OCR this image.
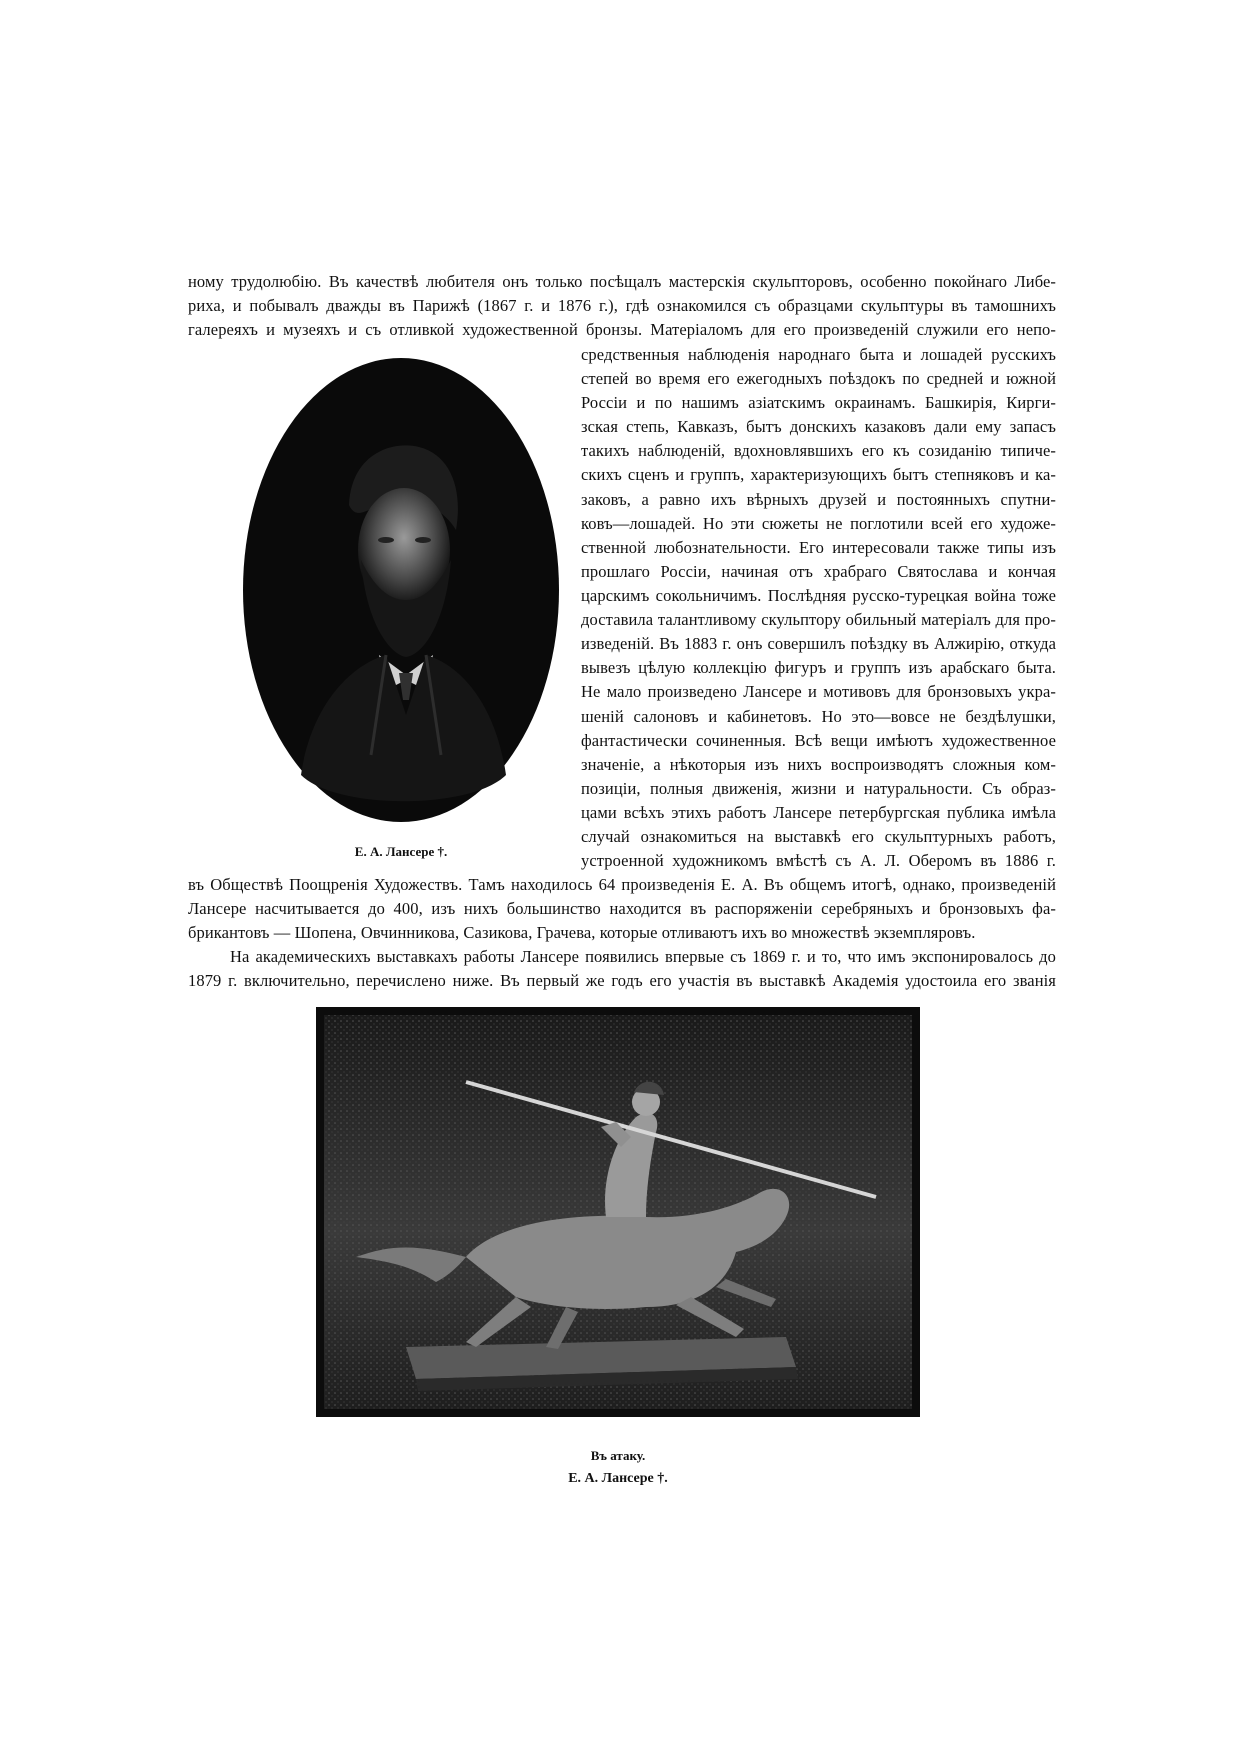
ному трудолюбію. Въ качествѣ любителя онъ только посѣщалъ мастерскія скульпторовъ, особенно покойнаго Либе-
риха, и побывалъ дважды въ Парижѣ (1867 г. и 1876 г.), гдѣ ознакомился съ образцами скульптуры въ тамошнихъ
галереяхъ и музеяхъ и съ отливкой художественной бронзы. Матеріаломъ для его произведеній служили его непо-
средственныя наблюденія народнаго быта и лошадей русскихъ
степей во время его ежегодныхъ поѣздокъ по средней и южной
Россіи и по нашимъ азіатскимъ окраинамъ. Башкирія, Кирги-
зская степь, Кавказъ, бытъ донскихъ казаковъ дали ему запасъ
такихъ наблюденій, вдохновлявшихъ его къ созиданію типиче-
скихъ сценъ и группъ, характеризующихъ бытъ степняковъ и ка-
заковъ, а равно ихъ вѣрныхъ друзей и постоянныхъ спутни-
ковъ—лошадей. Но эти сюжеты не поглотили всей его художе-
ственной любознательности. Его интересовали также типы изъ
прошлаго Россіи, начиная отъ храбраго Святослава и кончая
царскимъ сокольничимъ. Послѣдняя русско-турецкая война тоже
доставила талантливому скульптору обильный матеріалъ для про-
изведеній. Въ 1883 г. онъ совершилъ поѣздку въ Алжирію, откуда
вывезъ цѣлую коллекцію фигуръ и группъ изъ арабскаго быта.
Не мало произведено Лансере и мотивовъ для бронзовыхъ укра-
шеній салоновъ и кабинетовъ. Но это—вовсе не бездѣлушки,
фантастически сочиненныя. Всѣ вещи имѣютъ художественное
значеніе, а нѣкоторыя изъ нихъ воспроизводятъ сложныя ком-
позиціи, полныя движенія, жизни и натуральности. Съ образ-
цами всѣхъ этихъ работъ Лансере петербургская публика имѣла
случай ознакомиться на выставкѣ его скульптурныхъ работъ,
устроенной художникомъ вмѣстѣ съ А. Л. Оберомъ въ 1886 г.
въ Обществѣ Поощренія Художествъ. Тамъ находилось 64 произведенія Е. А. Въ общемъ итогѣ, однако, произведеній
Лансере насчитывается до 400, изъ нихъ большинство находится въ распоряженіи серебряныхъ и бронзовыхъ фа-
брикантовъ — Шопена, Овчинникова, Сазикова, Грачева, которые отливаютъ ихъ во множествѣ экземпляровъ.
На академическихъ выставкахъ работы Лансере появились впервые съ 1869 г. и то, что имъ экспонировалось до
1879 г. включительно, перечислено ниже. Въ первый же годъ его участія въ выставкѣ Академія удостоила его званія
Е. А. Лансере †.
Въ атаку.
Е. А. Лансере †.
